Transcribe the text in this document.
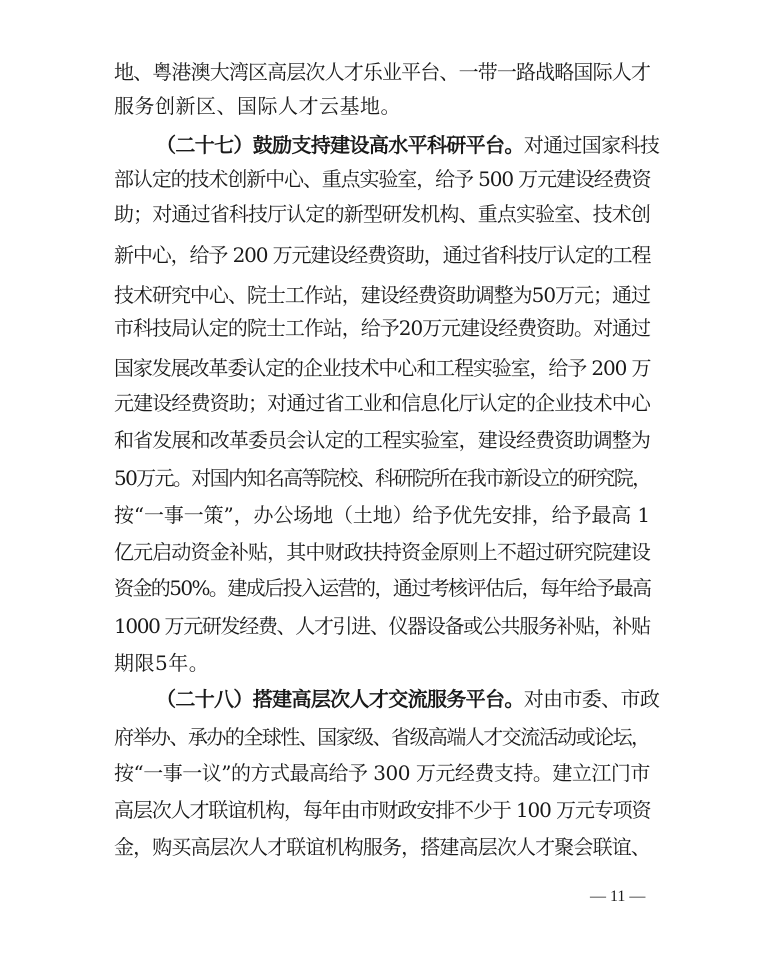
地、粤港澳大湾区高层次人才乐业平台、一带一路战略国际人才
服务创新区、国际人才云基地。
（二十七）鼓励支持建设高水平科研平台。对通过国家科技
部认定的技术创新中心、重点实验室，给予 500 万元建设经费资
助；对通过省科技厅认定的新型研发机构、重点实验室、技术创
新中心，给予 200 万元建设经费资助，通过省科技厅认定的工程
技术研究中心、院士工作站，建设经费资助调整为50万元；通过
市科技局认定的院士工作站，给予20万元建设经费资助。对通过
国家发展改革委认定的企业技术中心和工程实验室，给予 200 万
元建设经费资助；对通过省工业和信息化厅认定的企业技术中心
和省发展和改革委员会认定的工程实验室，建设经费资助调整为
50万元。对国内知名高等院校、科研院所在我市新设立的研究院，
按“一事一策”，办公场地（土地）给予优先安排，给予最高 1
亿元启动资金补贴，其中财政扶持资金原则上不超过研究院建设
资金的50%。建成后投入运营的，通过考核评估后，每年给予最高
1000 万元研发经费、人才引进、仪器设备或公共服务补贴，补贴
期限5年。
（二十八）搭建高层次人才交流服务平台。对由市委、市政
府举办、承办的全球性、国家级、省级高端人才交流活动或论坛，
按“一事一议”的方式最高给予 300 万元经费支持。建立江门市
高层次人才联谊机构，每年由市财政安排不少于 100 万元专项资
金，购买高层次人才联谊机构服务，搭建高层次人才聚会联谊、
— 11 —
